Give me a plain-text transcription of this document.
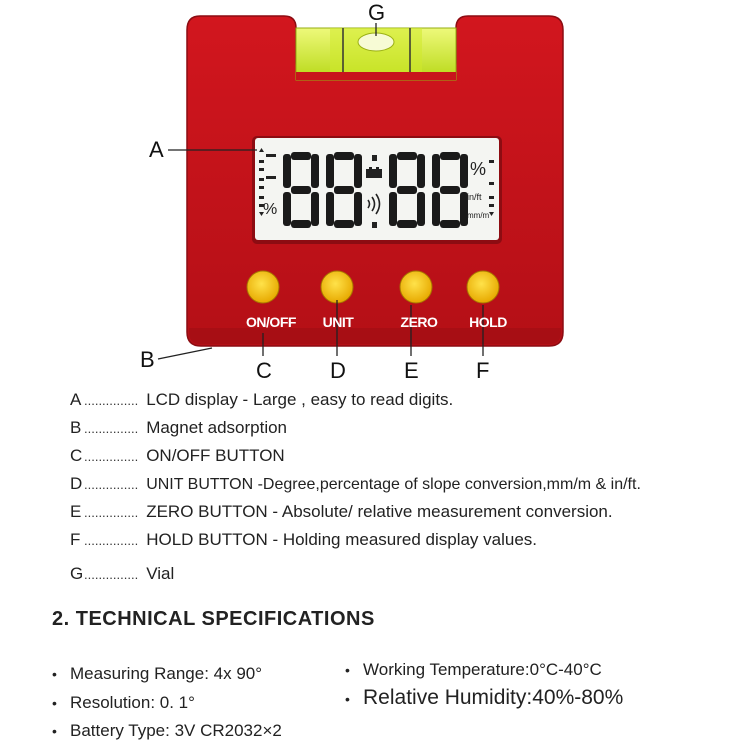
%
%
in/ft
mm/m
ON/OFF	UNIT	ZERO	HOLD
A
B	C	D	E	F
G
A ............... LCD display - Large , easy to read digits.
B ............... Magnet adsorption
C ............... ON/OFF BUTTON
D ............... UNIT BUTTON -Degree,percentage of slope conversion,mm/m & in/ft.
E ............... ZERO BUTTON - Absolute/ relative measurement conversion.
F ............... HOLD BUTTON - Holding measured display values.
G............... Vial
2. TECHNICAL SPECIFICATIONS
• Measuring Range: 4x 90°
• Resolution: 0. 1°
• Battery Type: 3V CR2032×2
• Working Temperature:0°C-40°C
• Relative Humidity:40%-80%
